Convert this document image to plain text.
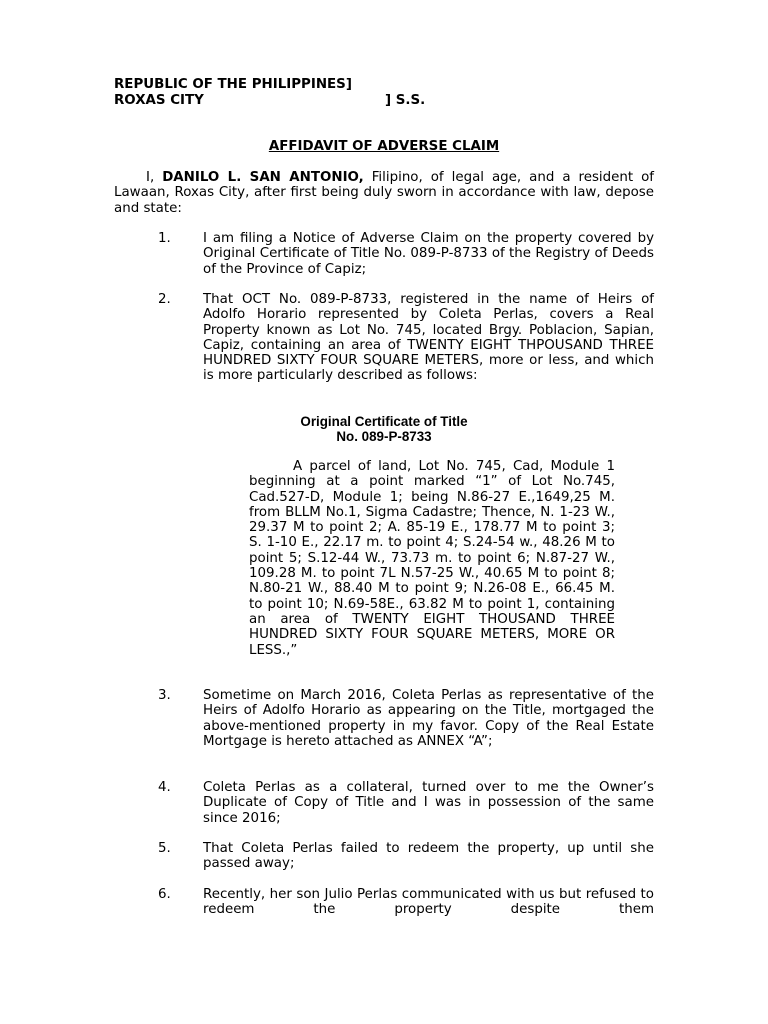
REPUBLIC OF THE PHILIPPINES]
ROXAS CITY	] S.S.
AFFIDAVIT OF ADVERSE CLAIM
I, DANILO L. SAN ANTONIO, Filipino, of legal age, and a resident of Lawaan, Roxas City, after first being duly sworn in accordance with law, depose and state:
1. I am filing a Notice of Adverse Claim on the property covered by Original Certificate of Title No. 089-P-8733 of the Registry of Deeds of the Province of Capiz;
2. That OCT No. 089-P-8733, registered in the name of Heirs of Adolfo Horario represented by Coleta Perlas, covers a Real Property known as Lot No. 745, located Brgy. Poblacion, Sapian, Capiz, containing an area of TWENTY EIGHT THPOUSAND THREE HUNDRED SIXTY FOUR SQUARE METERS, more or less, and which is more particularly described as follows:
Original Certificate of Title
No. 089-P-8733
A parcel of land, Lot No. 745, Cad, Module 1 beginning at a point marked “1” of Lot No.745, Cad.527-D, Module 1; being N.86-27 E.,1649,25 M. from BLLM No.1, Sigma Cadastre; Thence, N. 1-23 W., 29.37 M to point 2; A. 85-19 E., 178.77 M to point 3; S. 1-10 E., 22.17 m. to point 4; S.24-54 w., 48.26 M to point 5; S.12-44 W., 73.73 m. to point 6; N.87-27 W., 109.28 M. to point 7L N.57-25 W., 40.65 M to point 8; N.80-21 W., 88.40 M to point 9; N.26-08 E., 66.45 M. to point 10; N.69-58E., 63.82 M to point 1, containing an area of TWENTY EIGHT THOUSAND THREE HUNDRED SIXTY FOUR SQUARE METERS, MORE OR LESS.,”
3. Sometime on March 2016, Coleta Perlas as representative of the Heirs of Adolfo Horario as appearing on the Title, mortgaged the above-mentioned property in my favor. Copy of the Real Estate Mortgage is hereto attached as ANNEX “A”;
4. Coleta Perlas as a collateral, turned over to me the Owner’s Duplicate of Copy of Title and I was in possession of the same since 2016;
5. That Coleta Perlas failed to redeem the property, up until she passed away;
6. Recently, her son Julio Perlas communicated with us but refused to redeem the property despite them
